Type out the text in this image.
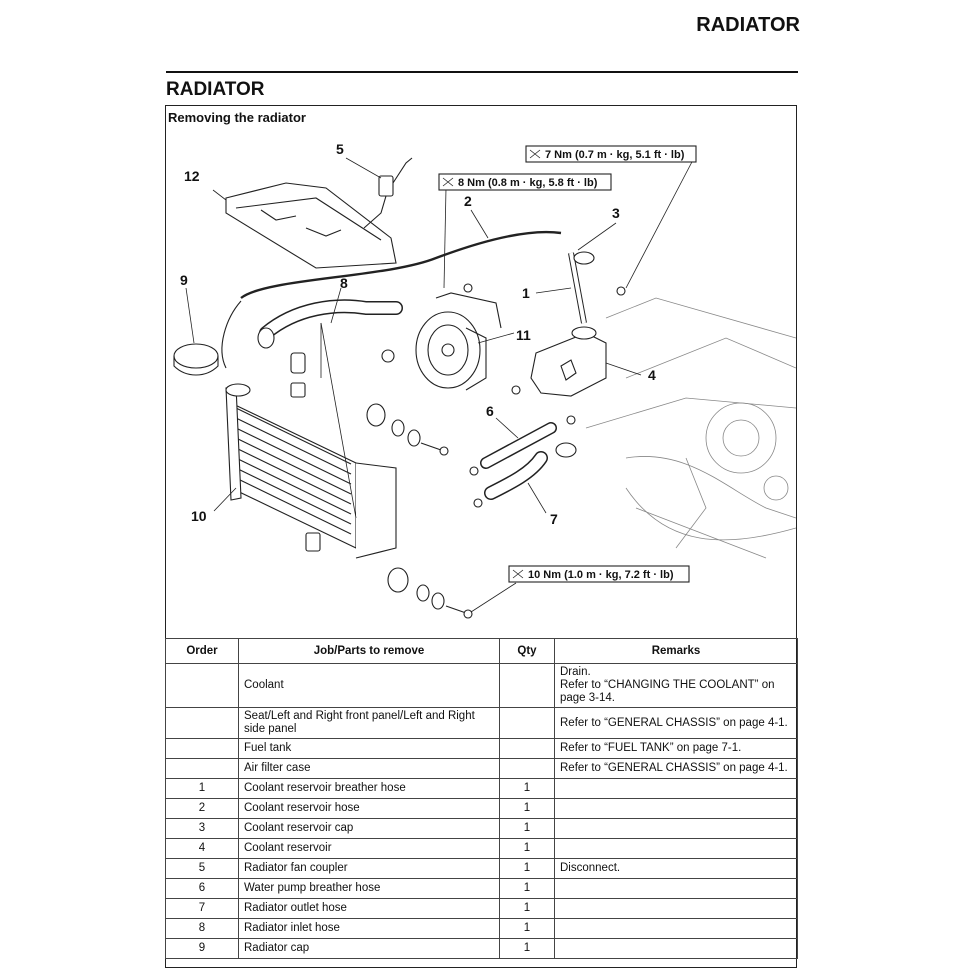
RADIATOR
RADIATOR
Removing the radiator
5
12
2
3
9	8
1
11
4
6
7
10
7 Nm (0.7 m · kg, 5.1 ft · lb)
8 Nm (0.8 m · kg, 5.8 ft · lb)
10 Nm (1.0 m · kg, 7.2 ft · lb)
Order	Job/Parts to remove	Qty	Remarks
	Coolant		Drain.
Refer to “CHANGING THE COOLANT” on page 3-14.
	Seat/Left and Right front panel/Left and Right side panel		Refer to “GENERAL CHASSIS” on page 4-1.
	Fuel tank		Refer to “FUEL TANK” on page 7-1.
	Air filter case		Refer to “GENERAL CHASSIS” on page 4-1.
1	Coolant reservoir breather hose	1	
2	Coolant reservoir hose	1	
3	Coolant reservoir cap	1	
4	Coolant reservoir	1	
5	Radiator fan coupler	1	Disconnect.
6	Water pump breather hose	1	
7	Radiator outlet hose	1	
8	Radiator inlet hose	1	
9	Radiator cap	1	
